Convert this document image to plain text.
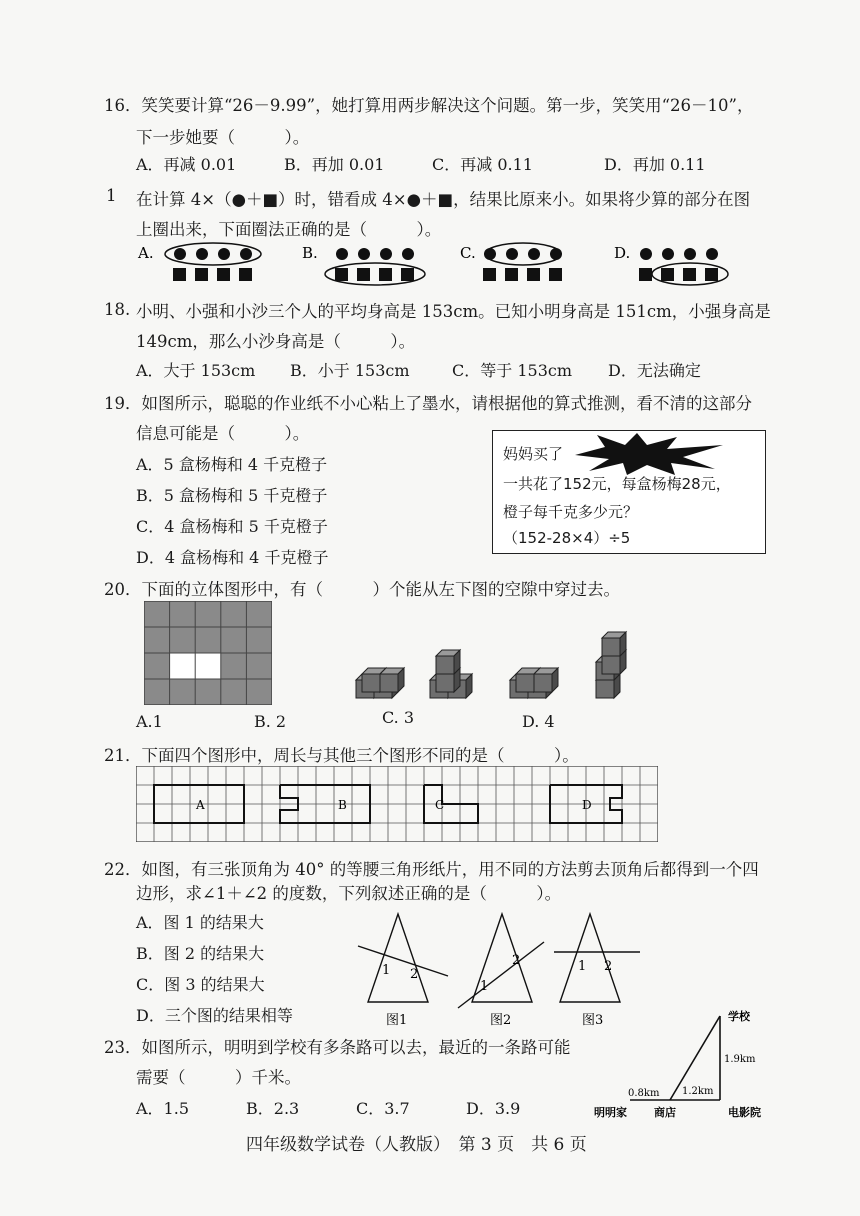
16．笑笑要计算“26－9.99”，她打算用两步解决这个问题。第一步，笑笑用“26－10”，
下一步她要（　　　）。
A．再减 0.01	B．再加 0.01	C．再减 0.11	D．再加 0.11
1 在计算 4×（●＋■）时，错看成 4×●＋■，结果比原来小。如果将少算的部分在图
上圈出来，下面圈法正确的是（　　　）。
A.	B.	C.	D.
18. 小明、小强和小沙三个人的平均身高是 153cm。已知小明身高是 151cm，小强身高是
149cm，那么小沙身高是（　　　）。
A．大于 153cm B．小于 153cm	C．等于 153cm D．无法确定
19．如图所示，聪聪的作业纸不小心粘上了墨水，请根据他的算式推测，看不清的这部分
信息可能是（　　　）。
A．5 盒杨梅和 4 千克橙子
B．5 盒杨梅和 5 千克橙子
C．4 盒杨梅和 5 千克橙子
D．4 盒杨梅和 4 千克橙子
妈妈买了
一共花了152元，每盒杨梅28元，
橙子每千克多少元？
（152-28×4）÷5
20．下面的立体图形中，有（　　　）个能从左下图的空隙中穿过去。
A.1	B. 2	C. 3	D. 4
21．下面四个图形中，周长与其他三个图形不同的是（　　　）。
A	B	C	D
22．如图，有三张顶角为 40° 的等腰三角形纸片，用不同的方法剪去顶角后都得到一个四
边形，求∠1＋∠2 的度数，下列叙述正确的是（　　　）。
A．图 1 的结果大
B．图 2 的结果大
C．图 3 的结果大
D．三个图的结果相等
1 2
1
2	1 2
图1	图2	图3
23．如图所示，明明到学校有多条路可以去，最近的一条路可能
需要（　　　）千米。
A．1.5	B．2.3	C．3.7	D．3.9
学校
1.9km
0.8km 1.2km
明明家 商店	电影院
四年级数学试卷（人教版）　第 3 页　共 6 页
